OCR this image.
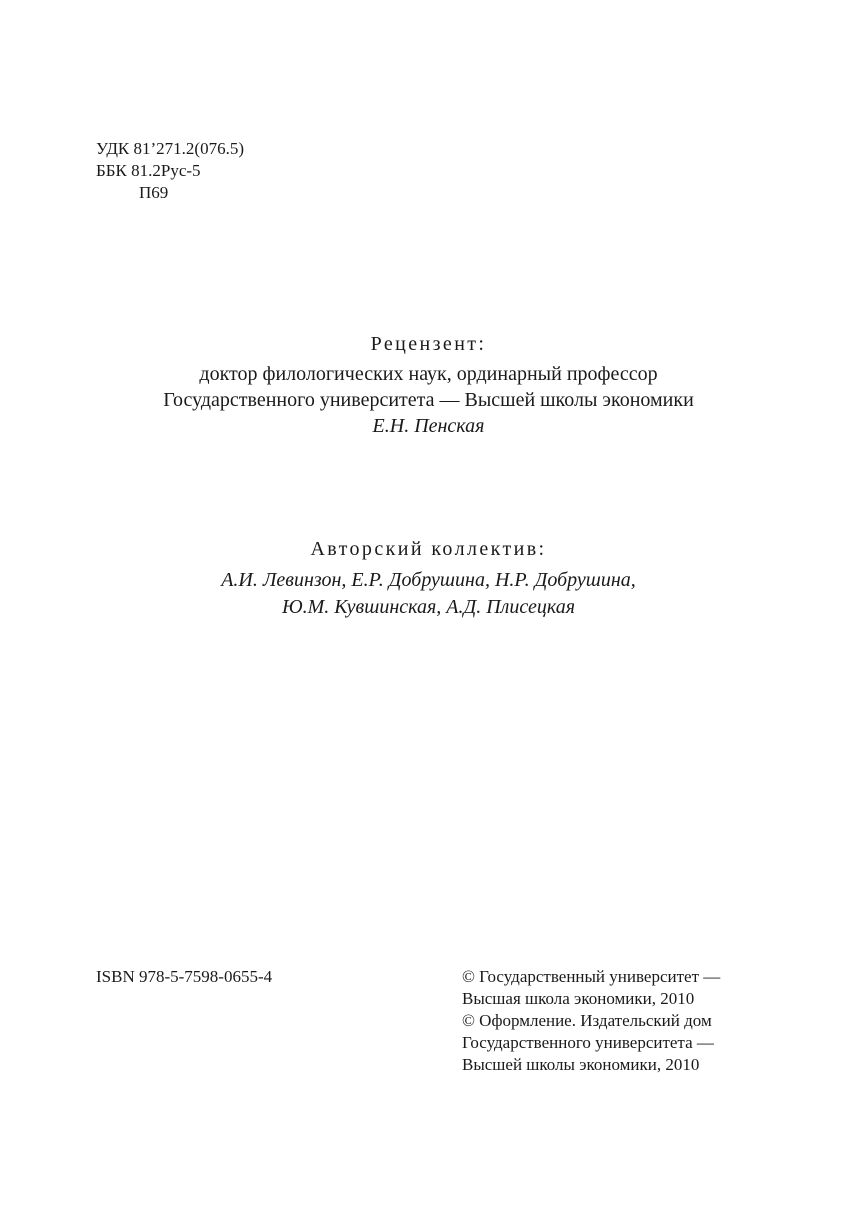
УДК 81’271.2(076.5)
ББК 81.2Рус-5
П69
Рецензент:
доктор филологических наук, ординарный профессор
Государственного университета — Высшей школы экономики
Е.Н. Пенская
Авторский коллектив:
А.И. Левинзон, Е.Р. Добрушина, Н.Р. Добрушина,
Ю.М. Кувшинская, А.Д. Плисецкая
ISBN 978-5-7598-0655-4	© Государственный университет —
Высшая школа экономики, 2010
© Оформление. Издательский дом
Государственного университета —
Высшей школы экономики, 2010
